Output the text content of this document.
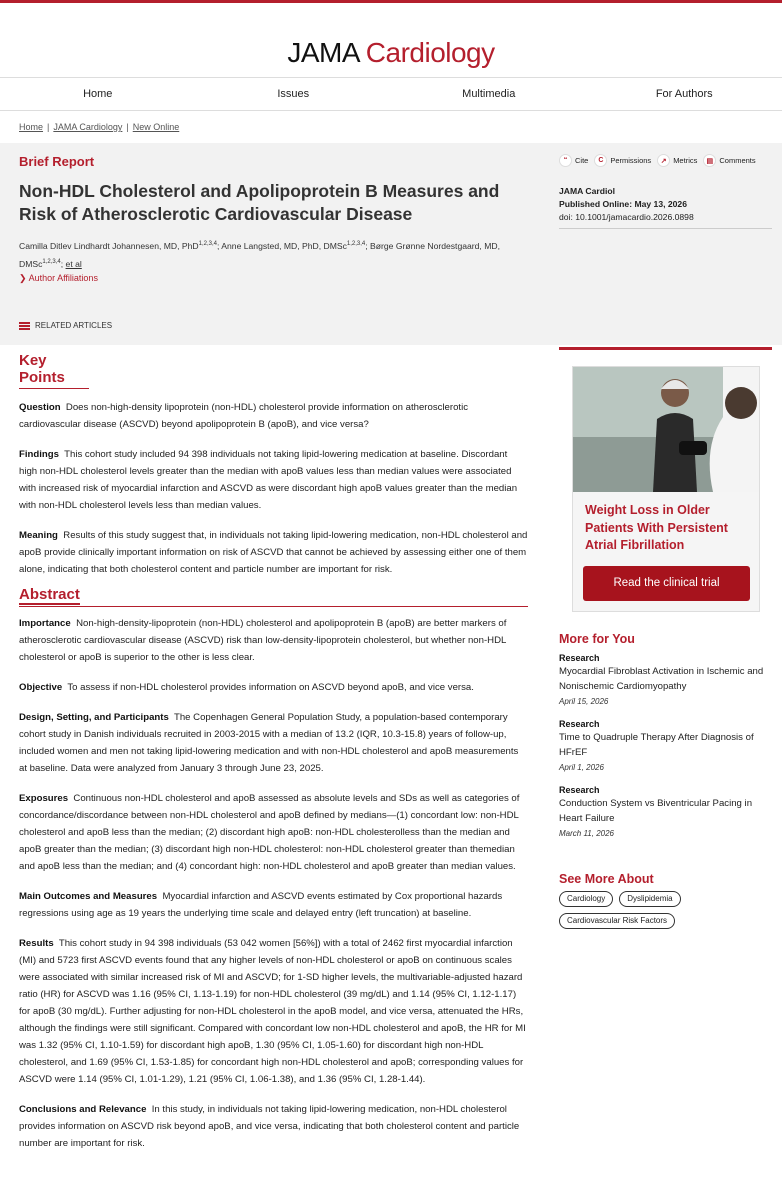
JAMA Cardiology
Home	Issues	Multimedia	For Authors
Home | JAMA Cardiology | New Online
Brief Report
Non-HDL Cholesterol and Apolipoprotein B Measures and Risk of Atherosclerotic Cardiovascular Disease
Camilla Ditlev Lindhardt Johannesen, MD, PhD$^{1,2,3,4}$; Anne Langsted, MD, PhD, DMSc$^{1,2,3,4}$; Børge Grønne Nordestgaard, MD, DMSc$^{1,2,3,4}$; et al
❯ Author Affiliations
RELATED ARTICLES
“	Cite	C Permissions	↗ Metrics	▤ Comments
JAMA Cardiol
Published Online: May 13, 2026
doi: 10.1001/jamacardio.2026.0898
Key Points

Question Does non-high-density lipoprotein (non-HDL) cholesterol provide information on atherosclerotic cardiovascular disease (ASCVD) beyond apolipoprotein B (apoB), and vice versa?

Findings This cohort study included 94 398 individuals not taking lipid-lowering medication at baseline. Discordant high non-HDL cholesterol levels greater than the median with apoB values less than median values were associated with increased risk of myocardial infarction and ASCVD as were discordant high apoB values greater than the median with non-HDL cholesterol levels less than median values.

Meaning Results of this study suggest that, in individuals not taking lipid-lowering medication, non-HDL cholesterol and apoB provide clinically important information on risk of ASCVD that cannot be achieved by assessing either one of them alone, indicating that both cholesterol content and particle number are important for risk.

Abstract

Importance Non-high-density-lipoprotein (non-HDL) cholesterol and apolipoprotein B (apoB) are better markers of atherosclerotic cardiovascular disease (ASCVD) risk than low-density-lipoprotein cholesterol, but whether non-HDL cholesterol or apoB is superior to the other is less clear.

Objective To assess if non-HDL cholesterol provides information on ASCVD beyond apoB, and vice versa.

Design, Setting, and Participants The Copenhagen General Population Study, a population-based contemporary cohort study in Danish individuals recruited in 2003-2015 with a median of 13.2 (IQR, 10.3-15.8) years of follow-up, included women and men not taking lipid-lowering medication and with non-HDL cholesterol and apoB measurements at baseline. Data were analyzed from January 3 through June 23, 2025.

Exposures Continuous non-HDL cholesterol and apoB assessed as absolute levels and SDs as well as categories of concordance/discordance between non-HDL cholesterol and apoB defined by medians—(1) concordant low: non-HDL cholesterol and apoB less than the median; (2) discordant high apoB: non-HDL cholesterolless than the median and apoB greater than the median; (3) discordant high non-HDL cholesterol: non-HDL cholesterol greater than themedian and apoB less than the median; and (4) concordant high: non-HDL cholesterol and apoB greater than median values.

Main Outcomes and Measures Myocardial infarction and ASCVD events estimated by Cox proportional hazards regressions using age as 19 years the underlying time scale and delayed entry (left truncation) at baseline.

Results This cohort study in 94 398 individuals (53 042 women [56%]) with a total of 2462 first myocardial infarction (MI) and 5723 first ASCVD events found that any higher levels of non-HDL cholesterol or apoB on continuous scales were associated with similar increased risk of MI and ASCVD; for 1-SD higher levels, the multivariable-adjusted hazard ratio (HR) for ASCVD was 1.16 (95% CI, 1.13-1.19) for non-HDL cholesterol (39 mg/dL) and 1.14 (95% CI, 1.12-1.17) for apoB (30 mg/dL). Further adjusting for non-HDL cholesterol in the apoB model, and vice versa, attenuated the HRs, although the findings were still significant. Compared with concordant low non-HDL cholesterol and apoB, the HR for MI was 1.32 (95% CI, 1.10-1.59) for discordant high apoB, 1.30 (95% CI, 1.05-1.60) for discordant high non-HDL cholesterol, and 1.69 (95% CI, 1.53-1.85) for concordant high non-HDL cholesterol and apoB; corresponding values for ASCVD were 1.14 (95% CI, 1.01-1.29), 1.21 (95% CI, 1.06-1.38), and 1.36 (95% CI, 1.28-1.44).

Conclusions and Relevance In this study, in individuals not taking lipid-lowering medication, non-HDL cholesterol provides information on ASCVD risk beyond apoB, and vice versa, indicating that both cholesterol content and particle number are important for risk.

Weight Loss in Older Patients With Persistent Atrial Fibrillation
Read the clinical trial
More for You
Research
Myocardial Fibroblast Activation in Ischemic and Nonischemic Cardiomyopathy
April 15, 2026
Research
Time to Quadruple Therapy After Diagnosis of HFrEF
April 1, 2026
Research
Conduction System vs Biventricular Pacing in Heart Failure
March 11, 2026
See More About
Cardiology	Dyslipidemia
Cardiovascular Risk Factors
